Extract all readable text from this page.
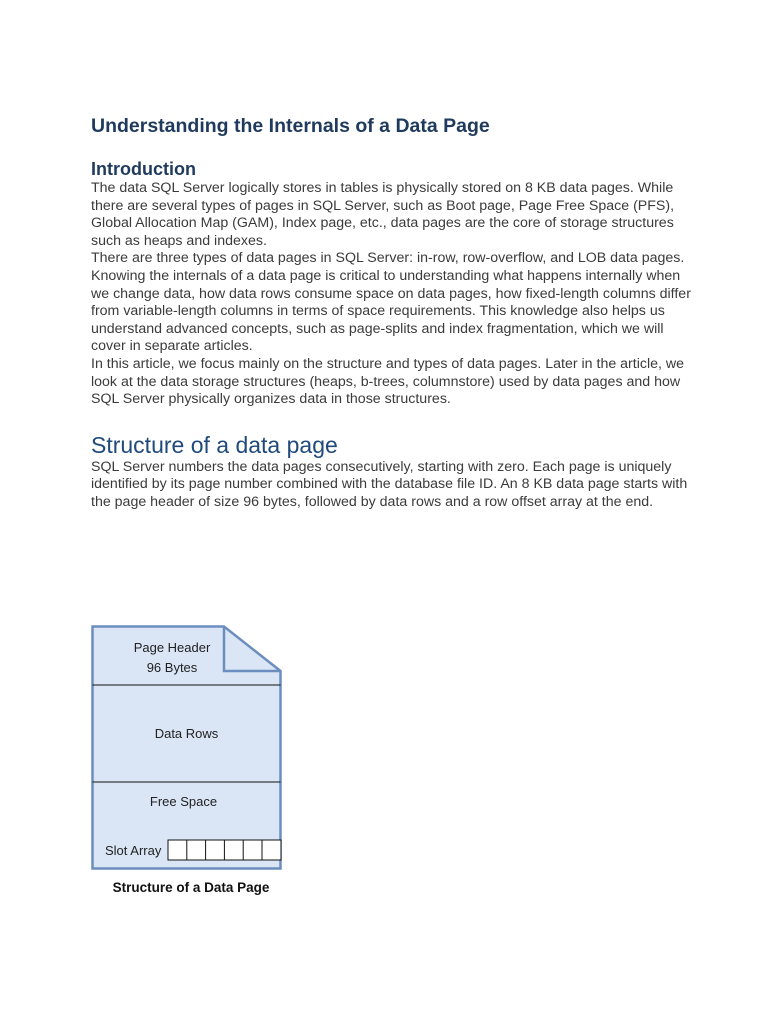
Understanding the Internals of a Data Page
Introduction

The data SQL Server logically stores in tables is physically stored on 8 KB data pages. While there are several types of pages in SQL Server, such as Boot page, Page Free Space (PFS), Global Allocation Map (GAM), Index page, etc., data pages are the core of storage structures such as heaps and indexes.

There are three types of data pages in SQL Server: in-row, row-overflow, and LOB data pages. Knowing the internals of a data page is critical to understanding what happens internally when we change data, how data rows consume space on data pages, how fixed-length columns differ from variable-length columns in terms of space requirements. This knowledge also helps us understand advanced concepts, such as page-splits and index fragmentation, which we will cover in separate articles.

In this article, we focus mainly on the structure and types of data pages. Later in the article, we look at the data storage structures (heaps, b-trees, columnstore) used by data pages and how SQL Server physically organizes data in those structures.

Structure of a data page

SQL Server numbers the data pages consecutively, starting with zero. Each page is uniquely identified by its page number combined with the database file ID. An 8 KB data page starts with the page header of size 96 bytes, followed by data rows and a row offset array at the end.

Page Header
96 Bytes
Data Rows
Free Space
Slot Array
Structure of a Data Page
